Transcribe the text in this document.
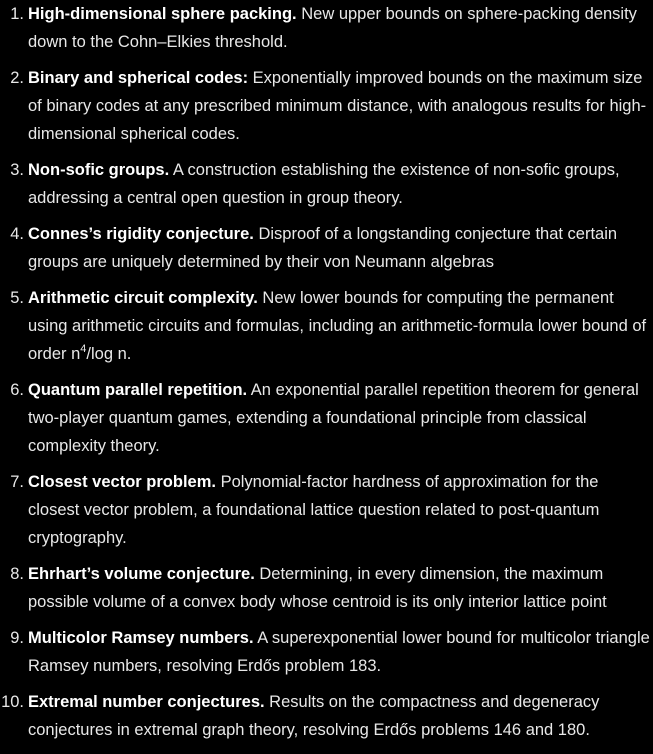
1. High-dimensional sphere packing. New upper bounds on sphere-packing density down to the Cohn–Elkies threshold.
2. Binary and spherical codes: Exponentially improved bounds on the maximum size of binary codes at any prescribed minimum distance, with analogous results for high-dimensional spherical codes.
3. Non-sofic groups. A construction establishing the existence of non-sofic groups, addressing a central open question in group theory.
4. Connes’s rigidity conjecture. Disproof of a longstanding conjecture that certain groups are uniquely determined by their von Neumann algebras
5. Arithmetic circuit complexity. New lower bounds for computing the permanent using arithmetic circuits and formulas, including an arithmetic-formula lower bound of order $n^4/\log$ n.
6. Quantum parallel repetition. An exponential parallel repetition theorem for general two-player quantum games, extending a foundational principle from classical complexity theory.
7. Closest vector problem. Polynomial-factor hardness of approximation for the closest vector problem, a foundational lattice question related to post-quantum cryptography.
8. Ehrhart’s volume conjecture. Determining, in every dimension, the maximum possible volume of a convex body whose centroid is its only interior lattice point
9. Multicolor Ramsey numbers. A superexponential lower bound for multicolor triangle Ramsey numbers, resolving Erdős problem 183.
10. Extremal number conjectures. Results on the compactness and degeneracy conjectures in extremal graph theory, resolving Erdős problems 146 and 180.
